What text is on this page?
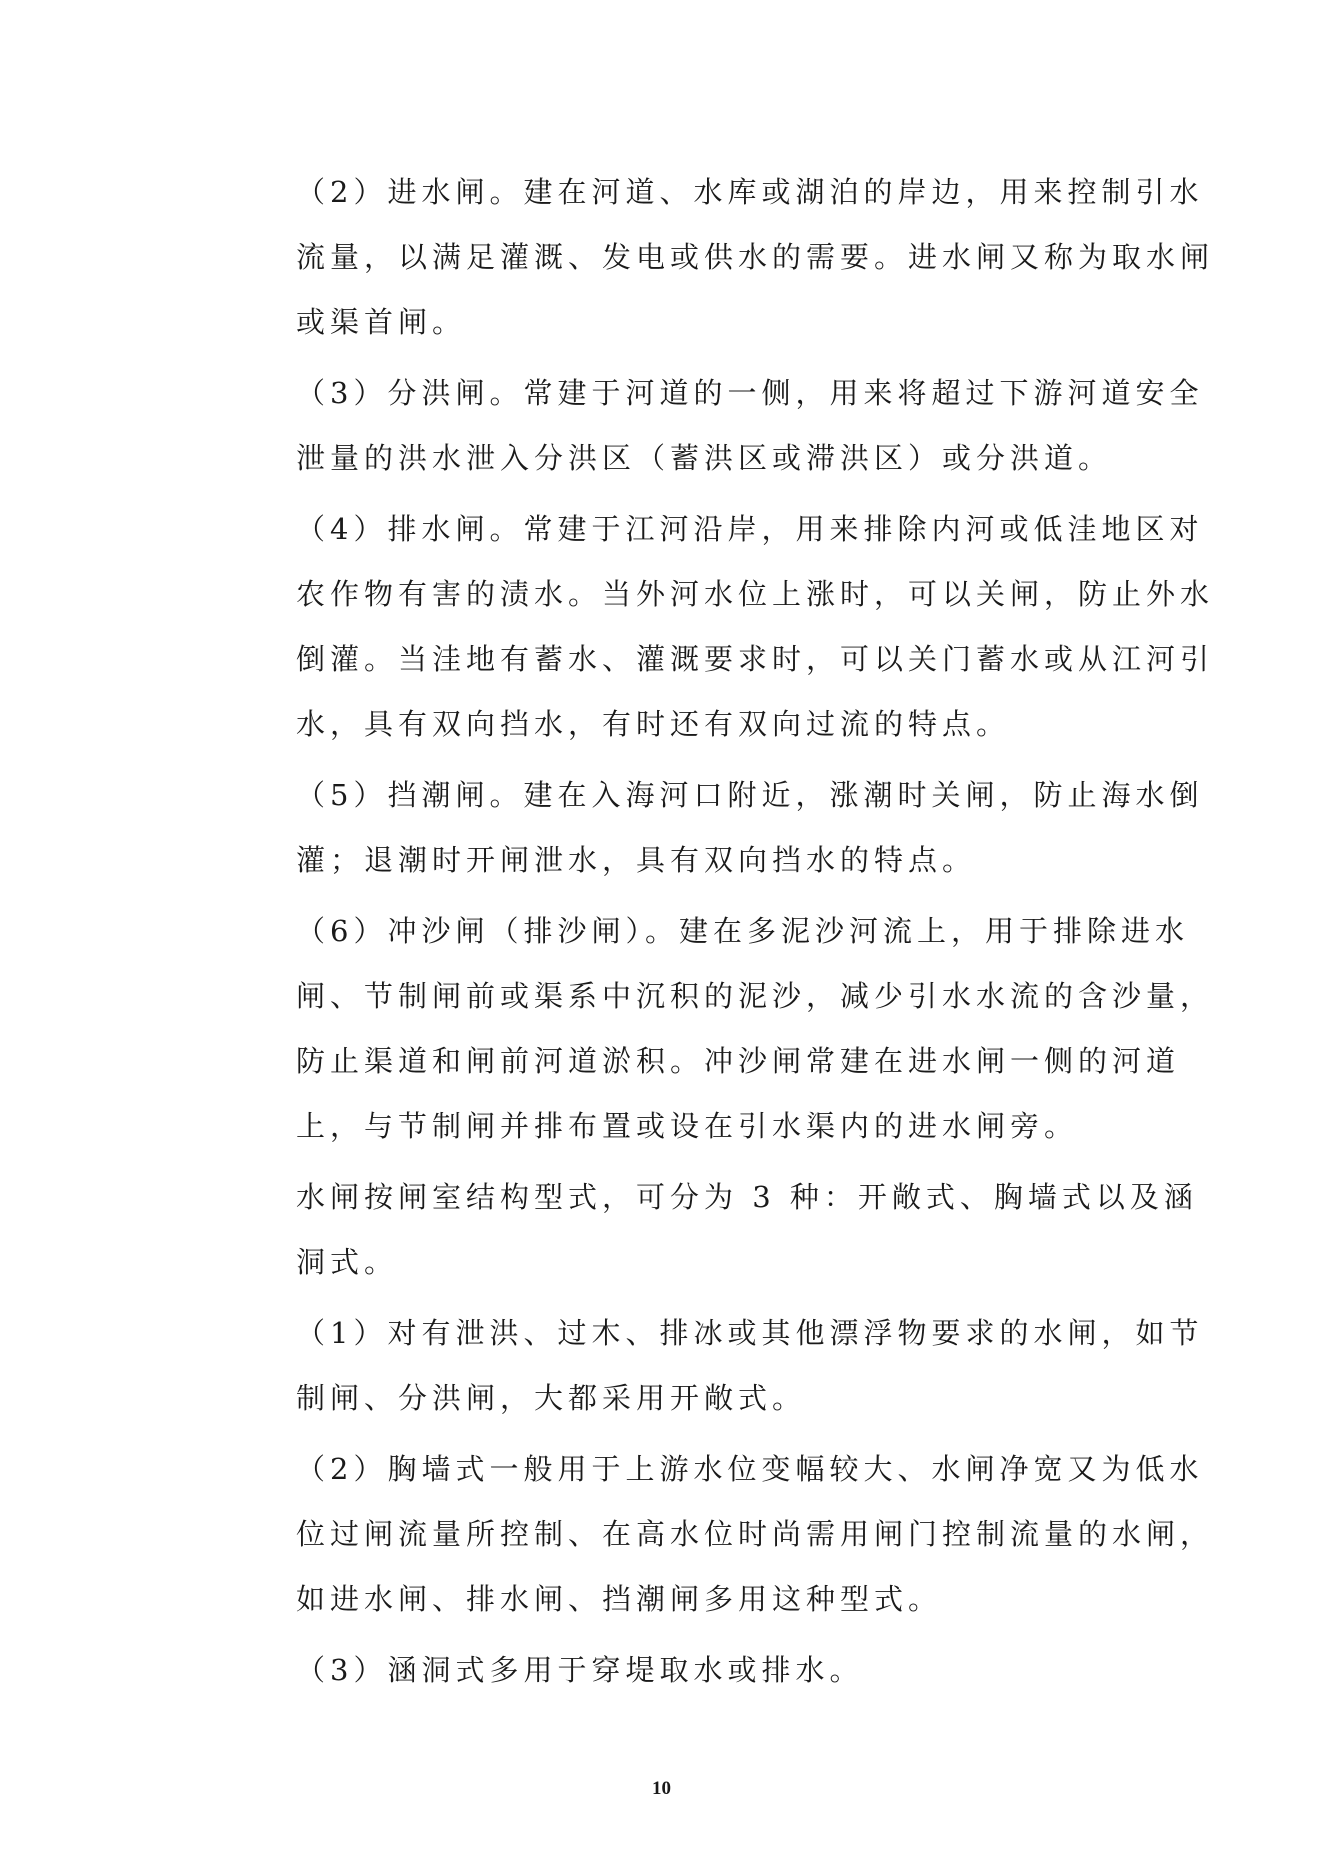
（2）进水闸。建在河道、水库或湖泊的岸边，用来控制引水流量，以满足灌溉、发电或供水的需要。进水闸又称为取水闸或渠首闸。

（3）分洪闸。常建于河道的一侧，用来将超过下游河道安全泄量的洪水泄入分洪区（蓄洪区或滞洪区）或分洪道。

（4）排水闸。常建于江河沿岸，用来排除内河或低洼地区对农作物有害的渍水。当外河水位上涨时，可以关闸，防止外水倒灌。当洼地有蓄水、灌溉要求时，可以关门蓄水或从江河引水，具有双向挡水，有时还有双向过流的特点。

（5）挡潮闸。建在入海河口附近，涨潮时关闸，防止海水倒灌；退潮时开闸泄水，具有双向挡水的特点。

（6）冲沙闸（排沙闸）。建在多泥沙河流上，用于排除进水闸、节制闸前或渠系中沉积的泥沙，减少引水水流的含沙量，防止渠道和闸前河道淤积。冲沙闸常建在进水闸一侧的河道上，与节制闸并排布置或设在引水渠内的进水闸旁。

水闸按闸室结构型式，可分为 3 种：开敞式、胸墙式以及涵洞式。

（1）对有泄洪、过木、排冰或其他漂浮物要求的水闸，如节制闸、分洪闸，大都采用开敞式。

（2）胸墙式一般用于上游水位变幅较大、水闸净宽又为低水位过闸流量所控制、在高水位时尚需用闸门控制流量的水闸，如进水闸、排水闸、挡潮闸多用这种型式。

（3）涵洞式多用于穿堤取水或排水。

10
